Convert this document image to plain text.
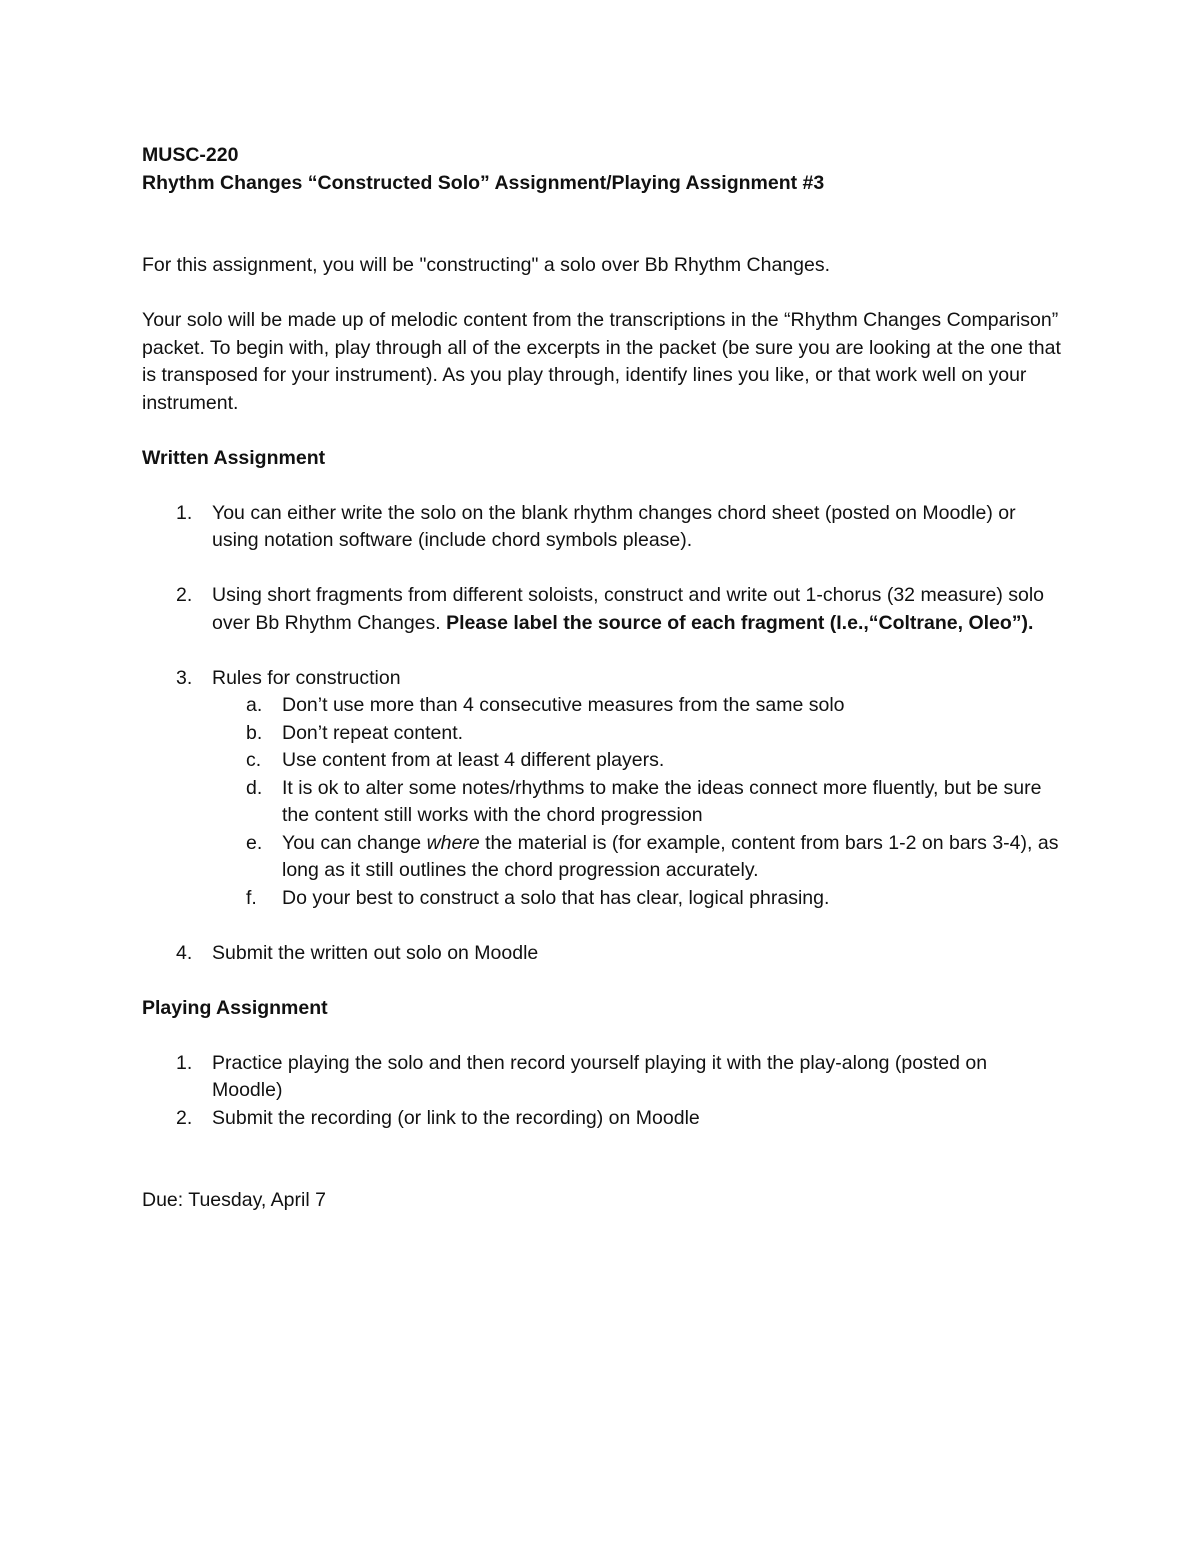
MUSC-220

Rhythm Changes “Constructed Solo” Assignment/Playing Assignment #3

For this assignment, you will be "constructing" a solo over Bb Rhythm Changes.

Your solo will be made up of melodic content from the transcriptions in the “Rhythm Changes Comparison” packet. To begin with, play through all of the excerpts in the packet (be sure you are looking at the one that is transposed for your instrument). As you play through, identify lines you like, or that work well on your instrument.

Written Assignment

1. You can either write the solo on the blank rhythm changes chord sheet (posted on Moodle) or using notation software (include chord symbols please).
2. Using short fragments from different soloists, construct and write out 1-chorus (32 measure) solo over Bb Rhythm Changes. Please label the source of each fragment (I.e.,“Coltrane, Oleo”).
3. Rules for construction
a. Don’t use more than 4 consecutive measures from the same solo
b. Don’t repeat content.
c. Use content from at least 4 different players.
d. It is ok to alter some notes/rhythms to make the ideas connect more fluently, but be sure the content still works with the chord progression
e. You can change where the material is (for example, content from bars 1-2 on bars 3-4), as long as it still outlines the chord progression accurately.
f. Do your best to construct a solo that has clear, logical phrasing.
4. Submit the written out solo on Moodle

Playing Assignment

1. Practice playing the solo and then record yourself playing it with the play-along (posted on Moodle)
2. Submit the recording (or link to the recording) on Moodle

Due: Tuesday, April 7
